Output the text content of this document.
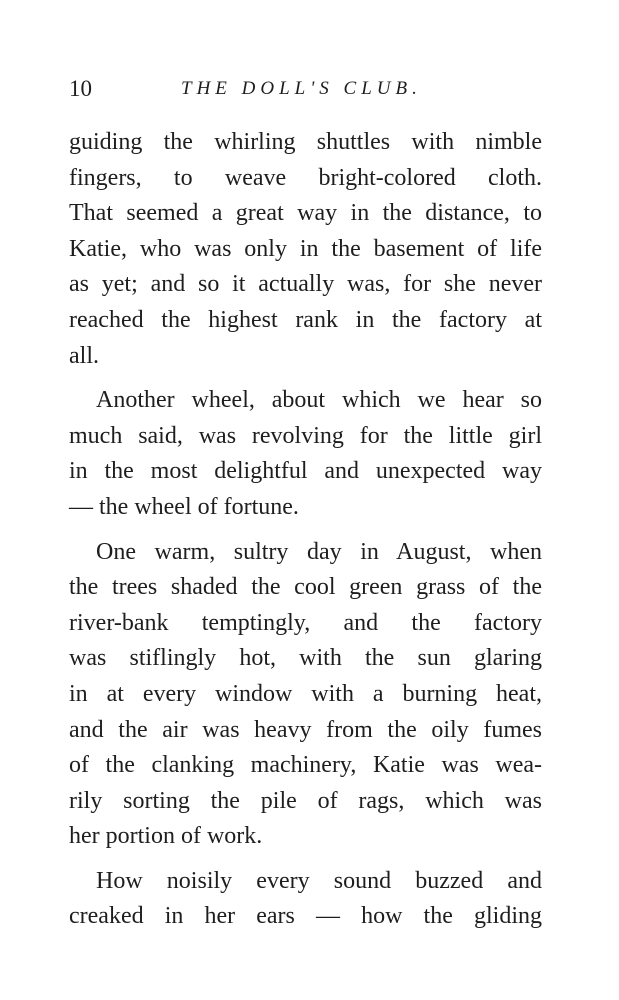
10	THE DOLL'S CLUB.
guiding the whirling shuttles with nimble
fingers, to weave bright-colored cloth.
That seemed a great way in the distance, to
Katie, who was only in the basement of life
as yet; and so it actually was, for she never
reached the highest rank in the factory at
all.
Another wheel, about which we hear so
much said, was revolving for the little girl
in the most delightful and unexpected way
— the wheel of fortune.
One warm, sultry day in August, when
the trees shaded the cool green grass of the
river-bank temptingly, and the factory
was stiflingly hot, with the sun glaring
in at every window with a burning heat,
and the air was heavy from the oily fumes
of the clanking machinery, Katie was wea-
rily sorting the pile of rags, which was
her portion of work.
How noisily every sound buzzed and
creaked in her ears — how the gliding
